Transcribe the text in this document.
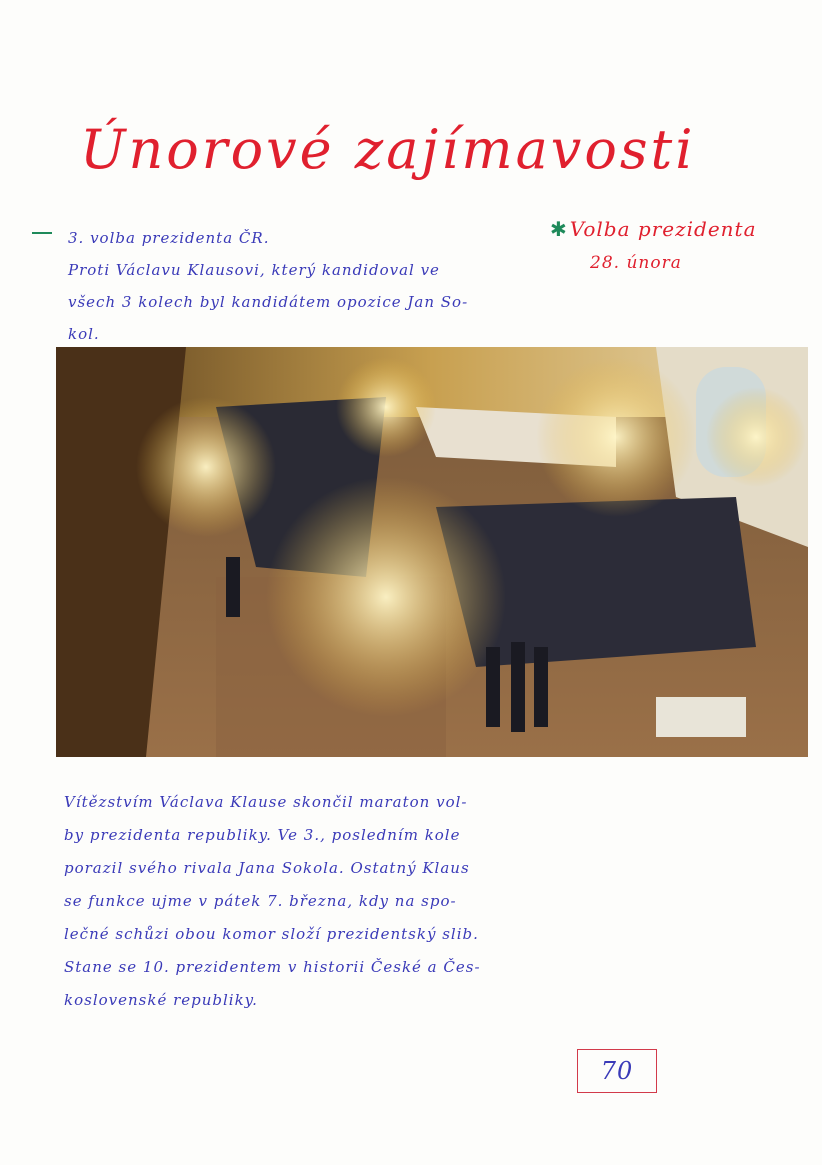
Únorové zajímavosti
3. volba prezidenta ČR.
Proti Václavu Klausovi, který kandidoval ve
všech 3 kolech byl kandidátem opozice Jan So-
kol.
✱ Volba prezidenta
28. února
Vítězstvím Václava Klause skončil maraton vol-
by prezidenta republiky. Ve 3., posledním kole
porazil svého rivala Jana Sokola. Ostatný Klaus
se funkce ujme v pátek 7. března, kdy na spo-
lečné schůzi obou komor složí prezidentský slib.
Stane se 10. prezidentem v historii České a Čes-
koslovenské republiky.
70
